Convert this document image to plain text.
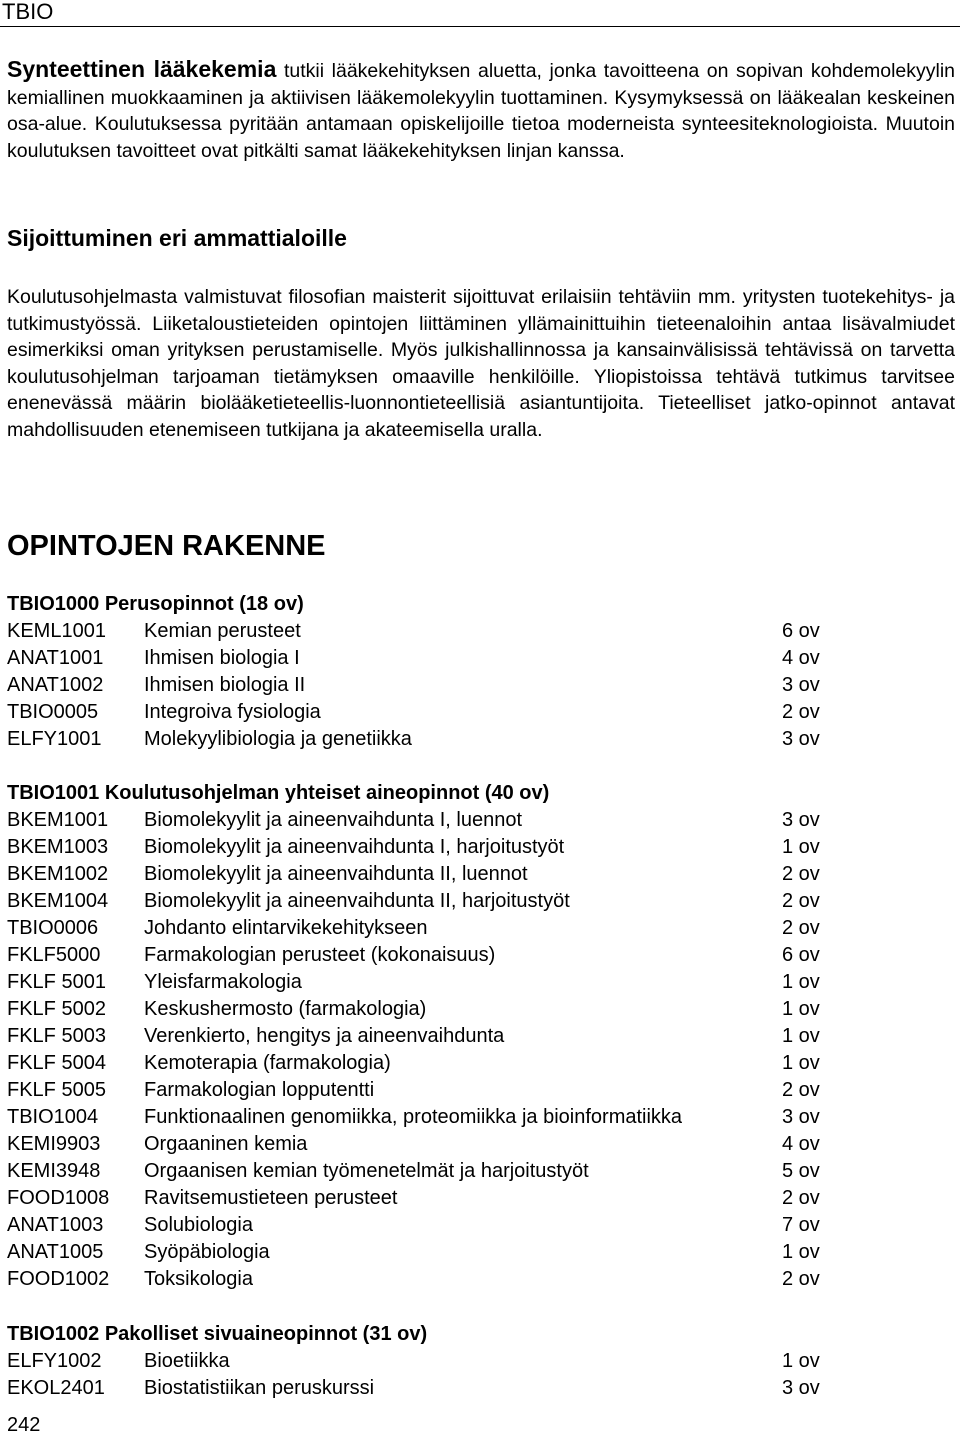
TBIO

Synteettinen lääkekemia tutkii lääkekehityksen aluetta, jonka tavoitteena on sopivan kohdemolekyylin kemiallinen muokkaaminen ja aktiivisen lääkemolekyylin tuottaminen. Kysymyksessä on lääkealan keskeinen osa-alue. Koulutuksessa pyritään antamaan opiskelijoille tietoa moderneista synteesiteknologioista. Muutoin koulutuksen tavoitteet ovat pitkälti samat lääkekehityksen linjan kanssa.

Sijoittuminen eri ammattialoille

Koulutusohjelmasta valmistuvat filosofian maisterit sijoittuvat erilaisiin tehtäviin mm. yritysten tuotekehitys- ja tutkimustyössä. Liiketaloustieteiden opintojen liittäminen yllämainittuihin tieteenaloihin antaa lisävalmiudet esimerkiksi oman yrityksen perustamiselle. Myös julkishallinnossa ja kansainvälisissä tehtävissä on tarvetta koulutusohjelman tarjoaman tietämyksen omaaville henkilöille. Yliopistoissa tehtävä tutkimus tarvitsee enenevässä määrin biolääketieteellis-luonnontieteellisiä asiantuntijoita. Tieteelliset jatko-opinnot antavat mahdollisuuden etenemiseen tutkijana ja akateemisella uralla.

OPINTOJEN RAKENNE
TBIO1000 Perusopinnot (18 ov)
KEML1001 Kemian perusteet	6 ov
ANAT1001 Ihmisen biologia I	4 ov
ANAT1002 Ihmisen biologia II	3 ov
TBIO0005 Integroiva fysiologia	2 ov
ELFY1001 Molekyylibiologia ja genetiikka	3 ov
TBIO1001 Koulutusohjelman yhteiset aineopinnot (40 ov)
BKEM1001 Biomolekyylit ja aineenvaihdunta I, luennot	3 ov
BKEM1003 Biomolekyylit ja aineenvaihdunta I, harjoitustyöt	1 ov
BKEM1002 Biomolekyylit ja aineenvaihdunta II, luennot	2 ov
BKEM1004 Biomolekyylit ja aineenvaihdunta II, harjoitustyöt	2 ov
TBIO0006 Johdanto elintarvikekehitykseen	2 ov
FKLF5000 Farmakologian perusteet (kokonaisuus)	6 ov
FKLF 5001 Yleisfarmakologia	1 ov
FKLF 5002 Keskushermosto (farmakologia)	1 ov
FKLF 5003 Verenkierto, hengitys ja aineenvaihdunta	1 ov
FKLF 5004 Kemoterapia (farmakologia)	1 ov
FKLF 5005 Farmakologian lopputentti	2 ov
TBIO1004 Funktionaalinen genomiikka, proteomiikka ja bioinformatiikka	3 ov
KEMI9903 Orgaaninen kemia	4 ov
KEMI3948 Orgaanisen kemian työmenetelmät ja harjoitustyöt	5 ov
FOOD1008 Ravitsemustieteen perusteet	2 ov
ANAT1003 Solubiologia	7 ov
ANAT1005 Syöpäbiologia	1 ov
FOOD1002 Toksikologia	2 ov
TBIO1002 Pakolliset sivuaineopinnot (31 ov)
ELFY1002 Bioetiikka	1 ov
EKOL2401 Biostatistiikan peruskurssi	3 ov
242
